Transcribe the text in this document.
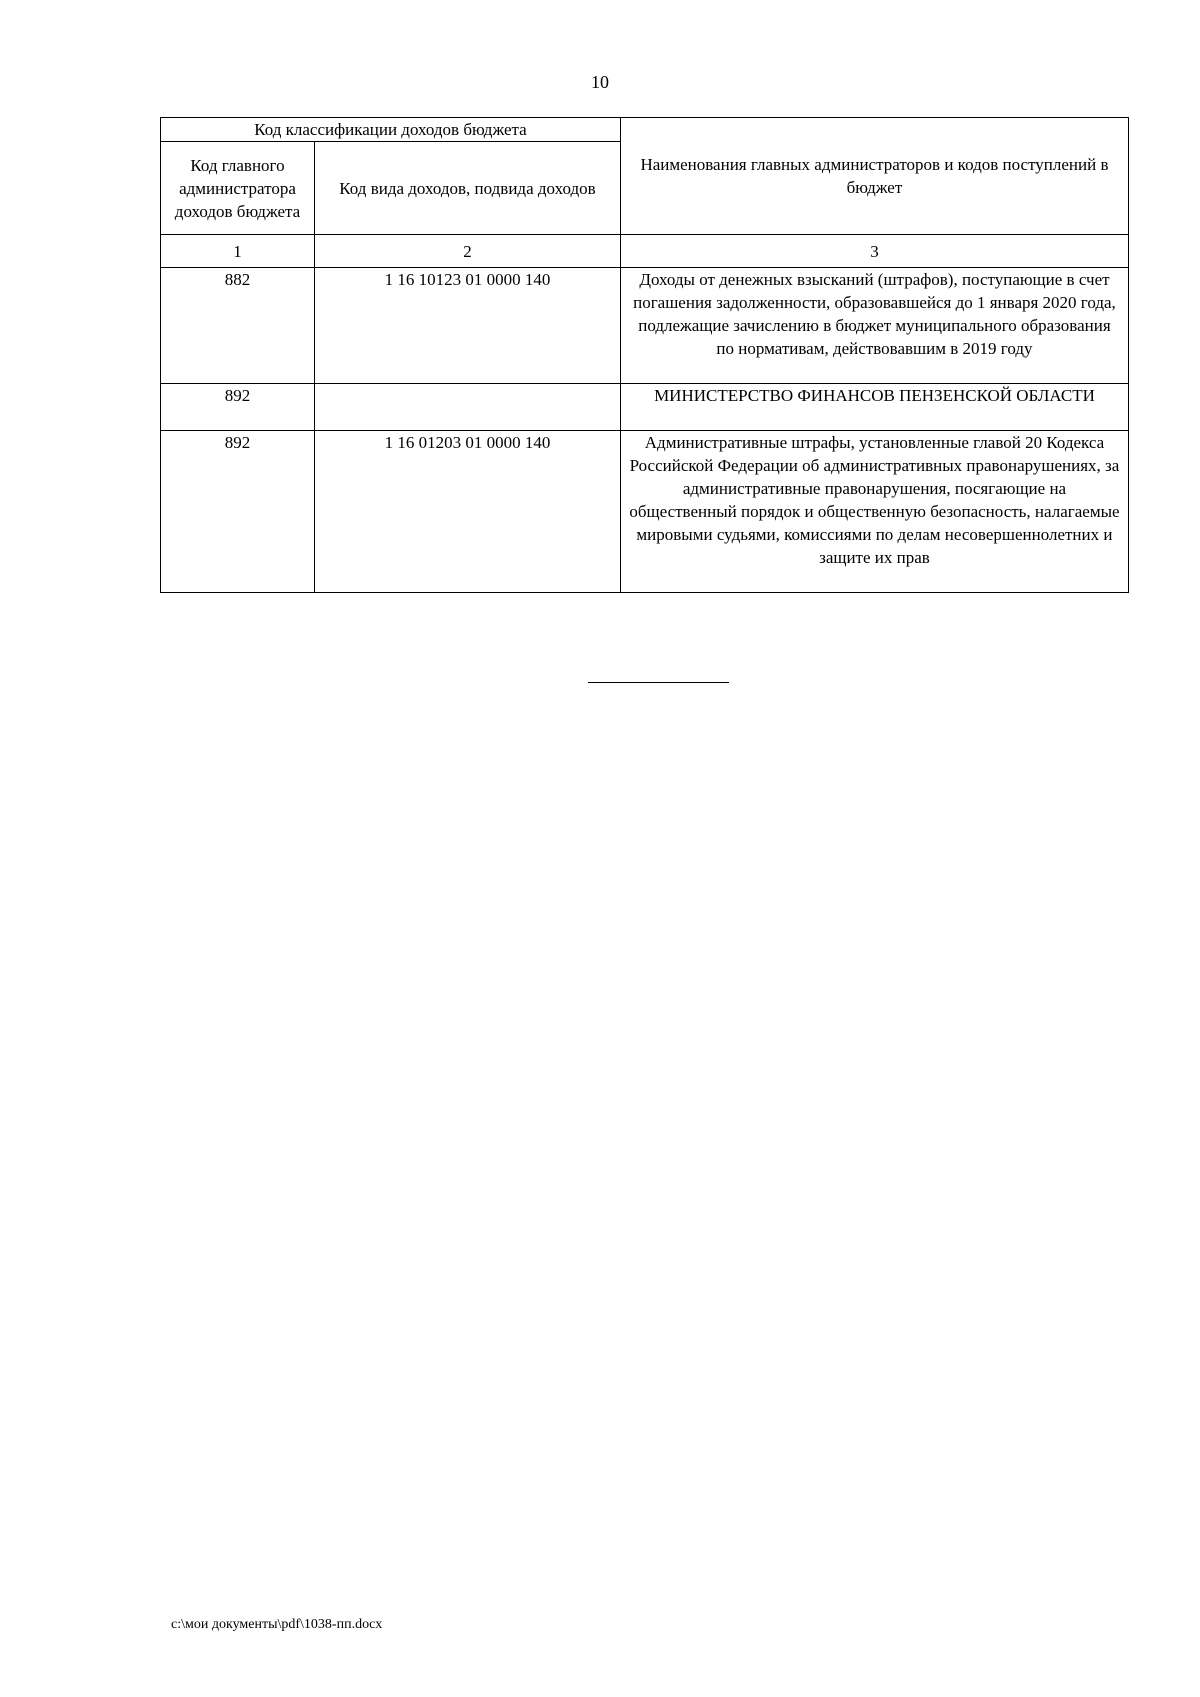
10
Код классификации доходов бюджета		Наименования главных администраторов и кодов поступлений в бюджет
Код главного администратора доходов бюджета	Код вида доходов, подвида доходов	
1	2	3
882	1 16 10123 01 0000 140	Доходы от денежных взысканий (штрафов), поступающие в счет погашения задолженности, образовавшейся до 1 января 2020 года, подлежащие зачислению в бюджет муниципального образования по нормативам, действовавшим в 2019 году
892		МИНИСТЕРСТВО ФИНАНСОВ ПЕНЗЕНСКОЙ ОБЛАСТИ
892	1 16 01203 01 0000 140	Административные штрафы, установленные главой 20 Кодекса Российской Федерации об административных правонарушениях, за административные правонарушения, посягающие на общественный порядок и общественную безопасность, налагаемые мировыми судьями, комиссиями по делам несовершеннолетних и защите их прав
c:\мои документы\pdf\1038-пп.docx
